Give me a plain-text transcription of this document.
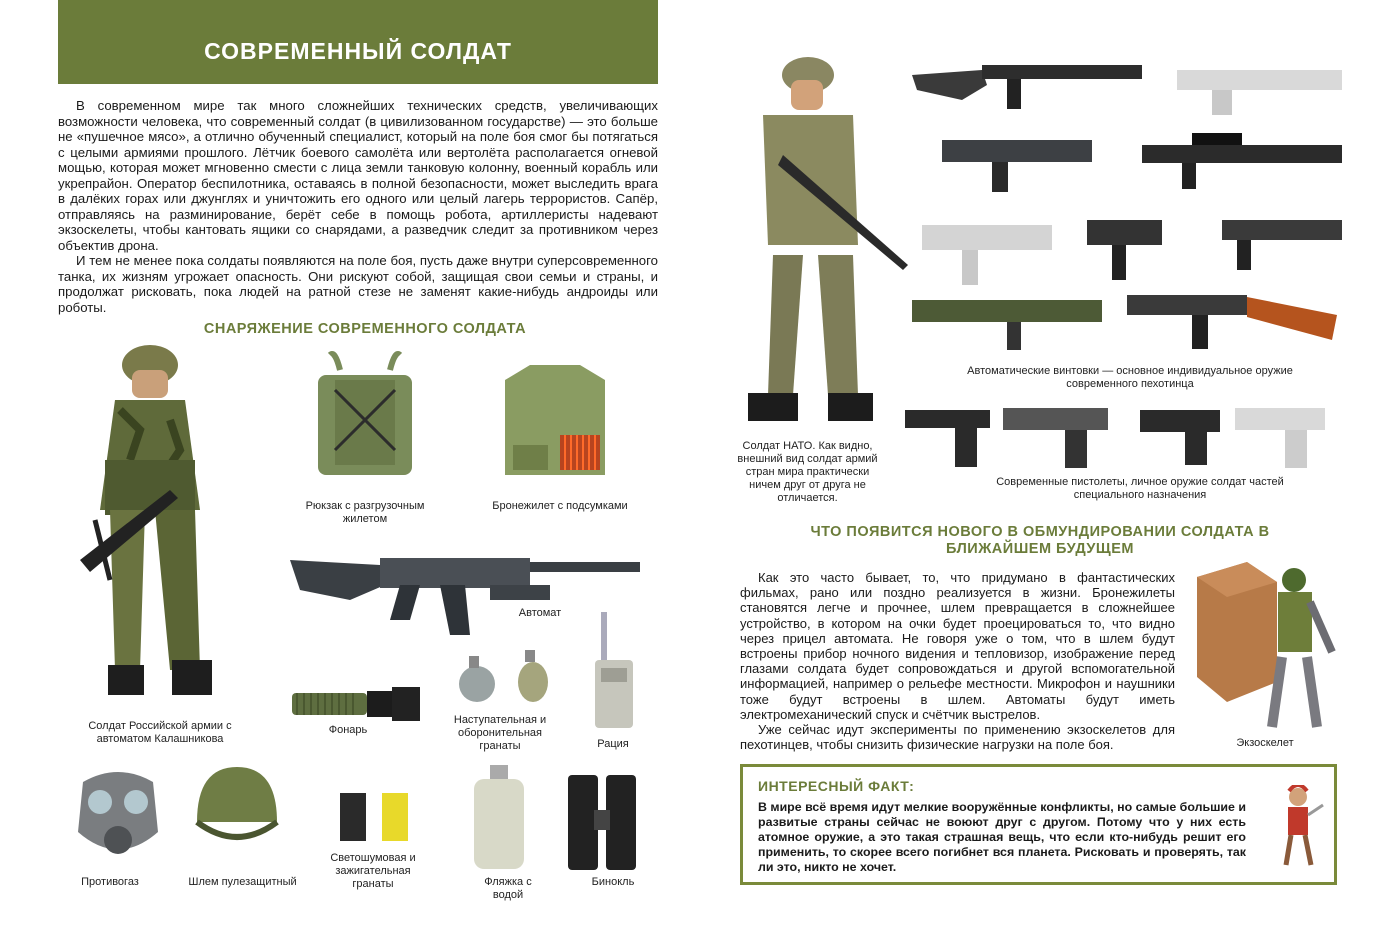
СОВРЕМЕННЫЙ СОЛДАТ

В современном мире так много сложнейших технических средств, увеличивающих возможности человека, что современный солдат (в цивилизованном государстве) — это больше не «пушечное мясо», а отлично обученный специалист, который на поле боя смог бы потягаться с целыми армиями прошлого. Лётчик боевого самолёта или вертолёта располагается огневой мощью, которая может мгновенно смести с лица земли танковую колонну, военный корабль или укрепрайон. Оператор беспилотника, оставаясь в полной безопасности, может выследить врага в далёких горах или джунглях и уничтожить его одного или целый лагерь террористов. Сапёр, отправляясь на разминирование, берёт себе в помощь робота, артиллеристы надевают экзоскелеты, чтобы кантовать ящики со снарядами, а разведчик следит за противником через объектив дрона.

И тем не менее пока солдаты появляются на поле боя, пусть даже внутри суперсовременного танка, их жизням угрожает опасность. Они рискуют собой, защищая свои семьи и страны, и продолжат рисковать, пока людей на ратной стезе не заменят какие-нибудь андроиды или роботы.

СНАРЯЖЕНИЕ СОВРЕМЕННОГО СОЛДАТА
Солдат Российской армии с автоматом Калашникова
Рюкзак с разгрузочным жилетом
Бронежилет с подсумками
Автомат
Фонарь
Наступательная и оборонительная гранаты	Рация
Противогаз	Шлем пулезащитный
Светошумовая и зажигательная гранаты	Фляжка с водой
Бинокль
Солдат НАТО. Как видно, внешний вид солдат армий стран мира практически ничем друг от друга не отличается.
Автоматические винтовки — основное индивидуальное оружие современного пехотинца
Современные пистолеты, личное оружие солдат частей специального назначения
ЧТО ПОЯВИТСЯ НОВОГО В ОБМУНДИРОВАНИИ СОЛДАТА В БЛИЖАЙШЕМ БУДУЩЕМ

Как это часто бывает, то, что придумано в фантастических фильмах, рано или поздно реализуется в жизни. Бронежилеты становятся легче и прочнее, шлем превращается в сложнейшее устройство, в котором на очки будет проецироваться то, что видно через прицел автомата. Не говоря уже о том, что в шлем будут встроены прибор ночного видения и тепловизор, изображение перед глазами солдата будет сопровождаться и другой вспомогательной информацией, например о рельефе местности. Микрофон и наушники тоже будут встроены в шлем. Автоматы будут иметь электромеханический спуск и счётчик выстрелов.

Уже сейчас идут эксперименты по применению экзоскелетов для пехотинцев, чтобы снизить физические нагрузки на поле боя.	Экзоскелет
ИНТЕРЕСНЫЙ ФАКТ:
В мире всё время идут мелкие вооружённые конфликты, но самые большие и развитые страны сейчас не воюют друг с другом. Потому что у них есть атомное оружие, а это такая страшная вещь, что если кто-нибудь решит его применить, то скорее всего погибнет вся планета. Рисковать и проверять, так ли это, никто не хочет.
